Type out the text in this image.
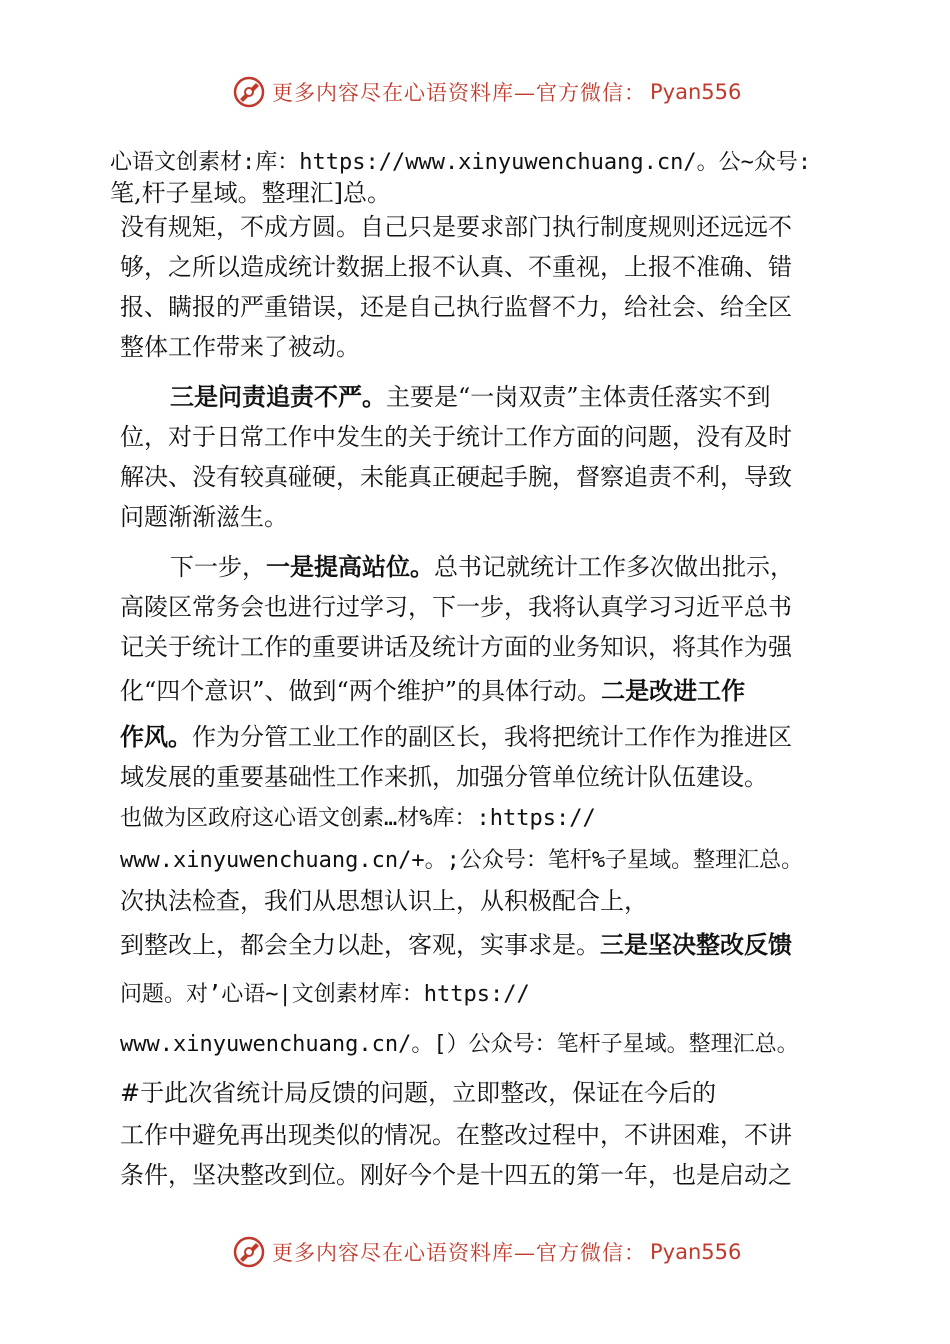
更多内容尽在心语资料库—官方微信： Pyan556
心语文创素材:库：https://www.xinyuwenchuang.cn/。公~众号:
笔,杆子星域。整理汇]总。
没有规矩，不成方圆。自己只是要求部门执行制度规则还远远不
够，之所以造成统计数据上报不认真、不重视，上报不准确、错
报、瞒报的严重错误，还是自己执行监督不力，给社会、给全区
整体工作带来了被动。
三是问责追责不严。主要是“一岗双责”主体责任落实不到
位，对于日常工作中发生的关于统计工作方面的问题，没有及时
解决、没有较真碰硬，未能真正硬起手腕，督察追责不利，导致
问题渐渐滋生。
下一步，一是提高站位。总书记就统计工作多次做出批示，
高陵区常务会也进行过学习，下一步，我将认真学习习近平总书
记关于统计工作的重要讲话及统计方面的业务知识，将其作为强
化“四个意识”、做到“两个维护”的具体行动。二是改进工作
作风。作为分管工业工作的副区长，我将把统计工作作为推进区
域发展的重要基础性工作来抓，加强分管单位统计队伍建设。
也做为区政府这心语文创素…材%库：:https://
www.xinyuwenchuang.cn/+。;公众号：笔杆%子星域。整理汇总。
次执法检查，我们从思想认识上，从积极配合上，
到整改上，都会全力以赴，客观，实事求是。三是坚决整改反馈
问题。对’心语~|文创素材库：https://
www.xinyuwenchuang.cn/。[）公众号：笔杆子星域。整理汇总。
#于此次省统计局反馈的问题，立即整改，保证在今后的
工作中避免再出现类似的情况。在整改过程中，不讲困难，不讲
条件，坚决整改到位。刚好今个是十四五的第一年，也是启动之
更多内容尽在心语资料库—官方微信： Pyan556
